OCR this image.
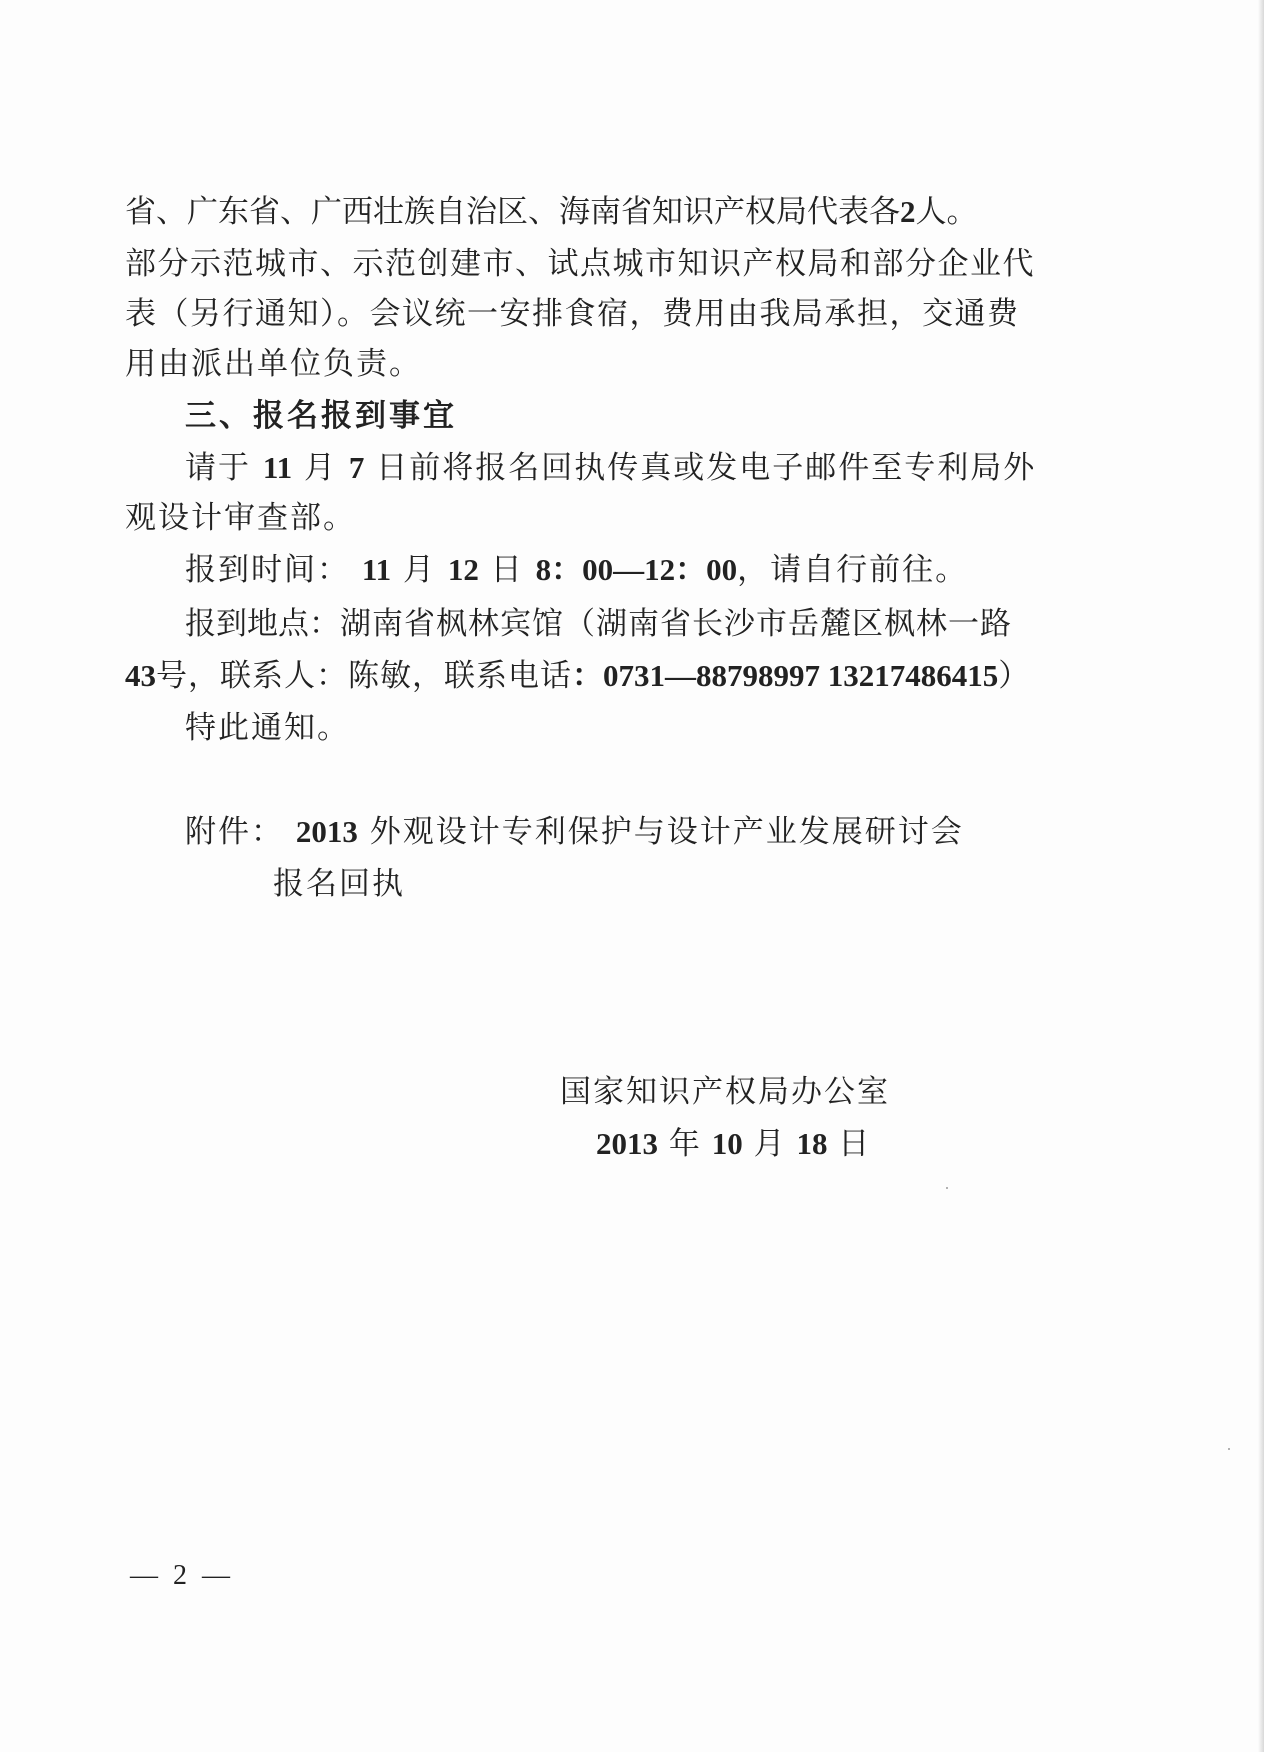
省、广东省、广西壮族自治区、海南省知识产权局代表各 2人。
部分示范城市、示范创建市、试点城市知识产权局和部分企业代
表（另行通知）。会议统一安排食宿，费用由我局承担，交通费
用由派出单位负责。
三、报名报到事宜
请于 11 月 7 日前将报名回执传真或发电子邮件至专利局外
观设计审查部。
报到时间： 11 月 12 日 8：00—12：00，请自行前往。
报到地点： 湖南省枫林宾馆（湖南省长沙市岳麓区枫林一路
43号，联系人：陈敏，联系电话：0731—88798997 13217486415）
特此通知。
附件： 2013 外观设计专利保护与设计产业发展研讨会
报名回执
国家知识产权局办公室
2013 年 10 月 18 日
— 2 —
